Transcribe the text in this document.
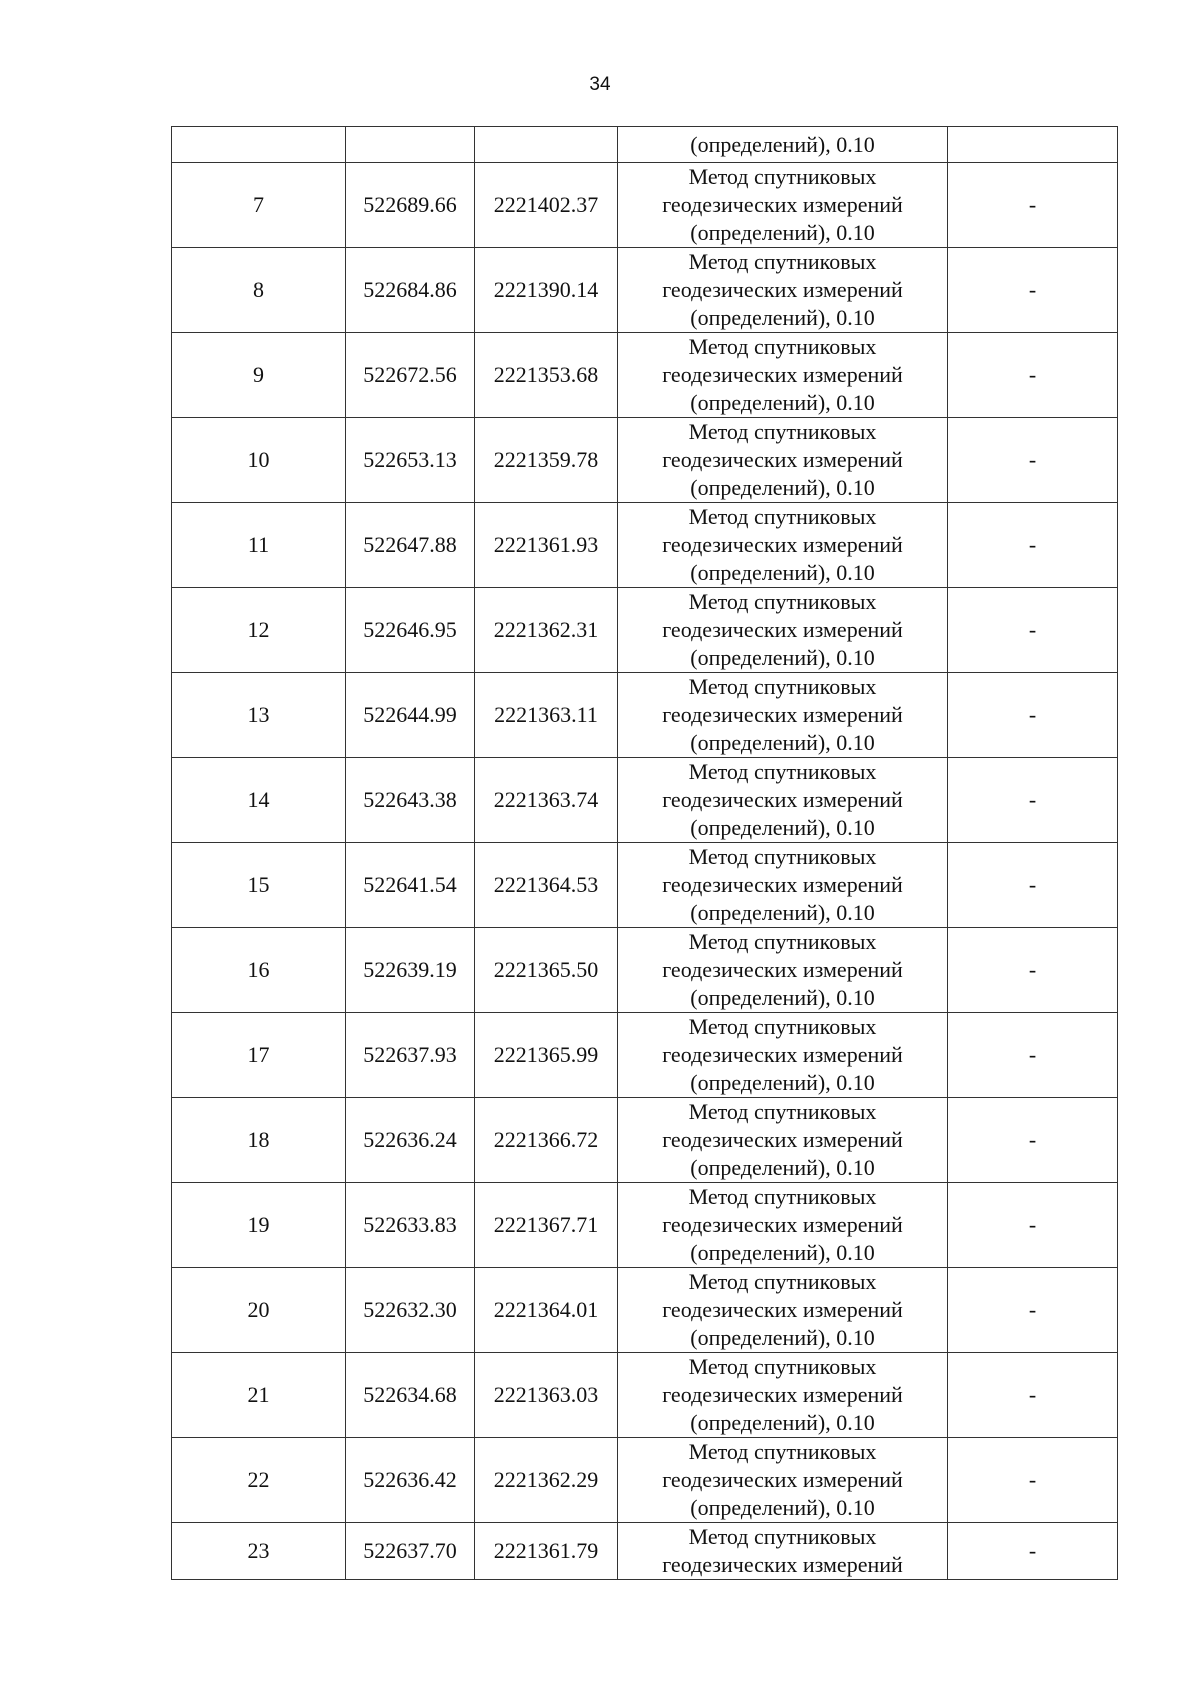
34

			(определений), 0.10	

7	522689.66	2221402.37	Метод спутниковых
геодезических измерений
(определений), 0.10	-
8	522684.86	2221390.14	Метод спутниковых
геодезических измерений
(определений), 0.10	-
9	522672.56	2221353.68	Метод спутниковых
геодезических измерений
(определений), 0.10	-
10	522653.13	2221359.78	Метод спутниковых
геодезических измерений
(определений), 0.10	-
11	522647.88	2221361.93	Метод спутниковых
геодезических измерений
(определений), 0.10	-
12	522646.95	2221362.31	Метод спутниковых
геодезических измерений
(определений), 0.10	-
13	522644.99	2221363.11	Метод спутниковых
геодезических измерений
(определений), 0.10	-
14	522643.38	2221363.74	Метод спутниковых
геодезических измерений
(определений), 0.10	-
15	522641.54	2221364.53	Метод спутниковых
геодезических измерений
(определений), 0.10	-
16	522639.19	2221365.50	Метод спутниковых
геодезических измерений
(определений), 0.10	-
17	522637.93	2221365.99	Метод спутниковых
геодезических измерений
(определений), 0.10	-
18	522636.24	2221366.72	Метод спутниковых
геодезических измерений
(определений), 0.10	-
19	522633.83	2221367.71	Метод спутниковых
геодезических измерений
(определений), 0.10	-
20	522632.30	2221364.01	Метод спутниковых
геодезических измерений
(определений), 0.10	-
21	522634.68	2221363.03	Метод спутниковых
геодезических измерений
(определений), 0.10	-
22	522636.42	2221362.29	Метод спутниковых
геодезических измерений
(определений), 0.10	-
23	522637.70	2221361.79	Метод спутниковых
геодезических измерений	-
